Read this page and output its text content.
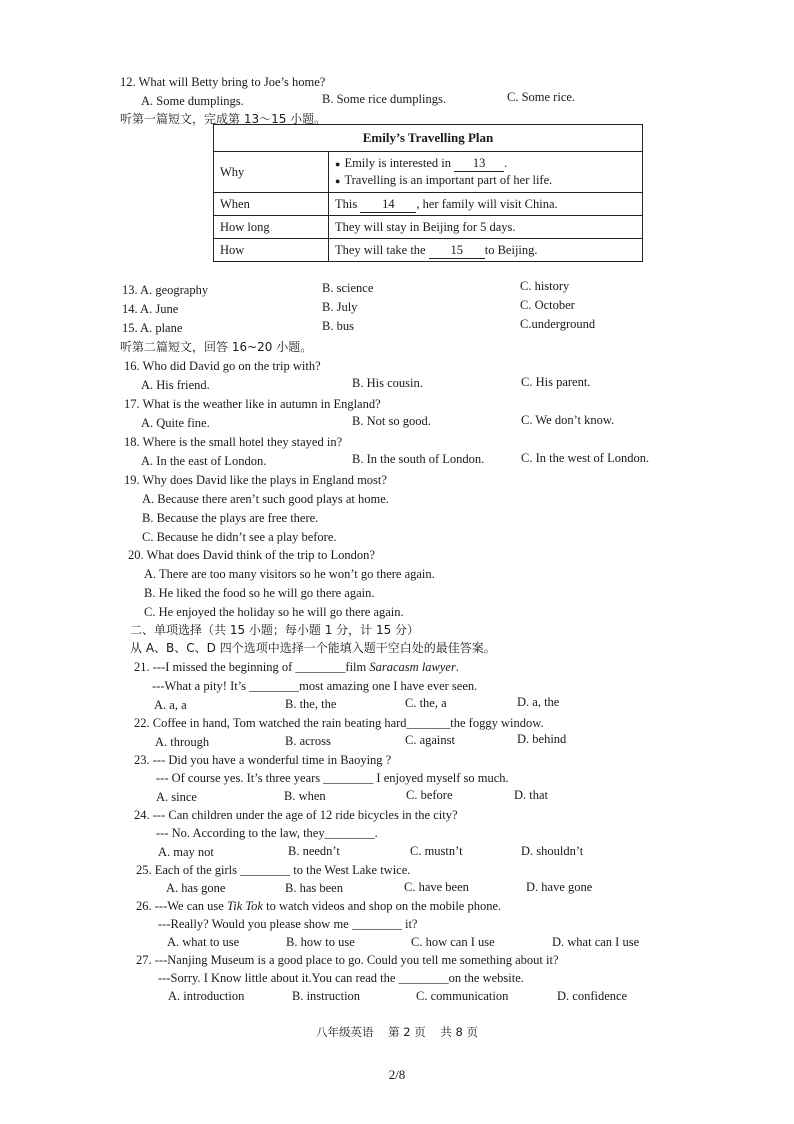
12. What will Betty bring to Joe’s home?
A. Some dumplings.	B. Some rice dumplings.	C. Some rice.
听第一篇短文，完成第 13～15 小题。
Emily’s Travelling Plan	
Why	● Emily is interested in 13 .
● Travelling is an important part of her life.

When	This 14 , her family will visit China.
How long	They will stay in Beijing for 5 days.
How	They will take the 15 to Beijing.
13. A. geography	B. science	C. history
14. A. June	B. July	C. October
15. A. plane	B. bus	C.underground
听第二篇短文，回答 16~20 小题。
16. Who did David go on the trip with?
A. His friend.	B. His cousin.	C. His parent.
17. What is the weather like in autumn in England?
A. Quite fine.	B. Not so good.	C. We don’t know.
18. Where is the small hotel they stayed in?
A. In the east of London.	B. In the south of London.	C. In the west of London.
19. Why does David like the plays in England most?
A. Because there aren’t such good plays at home.
B. Because the plays are free there.
C. Because he didn’t see a play before.
20. What does David think of the trip to London?
A. There are too many visitors so he won’t go there again.
B. He liked the food so he will go there again.
C. He enjoyed the holiday so he will go there again.
二、单项选择（共 15 小题；每小题 1 分，计 15 分）
从 A、B、C、D 四个选项中选择一个能填入题干空白处的最佳答案。
21. ---I missed the beginning of ________film Saracasm lawyer.
---What a pity! It’s ________most amazing one I have ever seen.
A. a, a	B. the, the	C. the, a	D. a, the
22. Coffee in hand, Tom watched the rain beating hard_______the foggy window.
A. through	B. across	C. against	D. behind
23. --- Did you have a wonderful time in Baoying ?
--- Of course yes. It’s three years ________ I enjoyed myself so much.
A. since	B. when	C. before	D. that
24. --- Can children under the age of 12 ride bicycles in the city?
--- No. According to the law, they________.
A. may not	B. needn’t	C. mustn’t	D. shouldn’t
25. Each of the girls ________ to the West Lake twice.
A. has gone	B. has been	C. have been	D. have gone
26. ---We can use Tik Tok to watch videos and shop on the mobile phone.
---Really? Would you please show me ________ it?
A. what to use	B. how to use	C. how can I use	D. what can I use
27. ---Nanjing Museum is a good place to go. Could you tell me something about it?
---Sorry. I Know little about it.You can read the ________on the website.
A. introduction	B. instruction	C. communication	D. confidence
八年级英语    第 2 页    共 8 页
2/8
